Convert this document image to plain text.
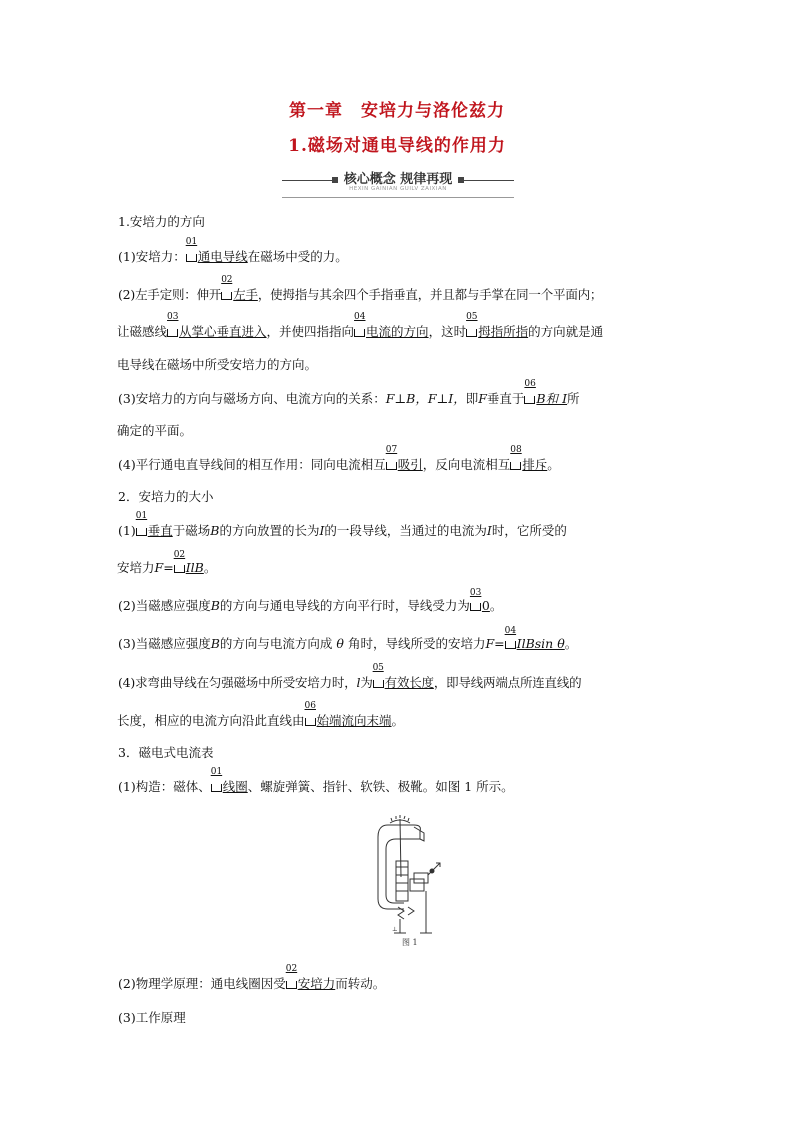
第一章　安培力与洛伦兹力
1.磁场对通电导线的作用力
核心概念 规律再现
HEXIN GAINIAN GUILV ZAIXIAN
1.安培力的方向
(1)安培力：
01
通电导线在磁场中受的力。
(2)左手定则：伸开
02
左手，使拇指与其余四个手指垂直，并且都与手掌在同一个平面内；
让磁感线
03
从掌心垂直进入，并使四指指向
04
电流的方向，这时
05
拇指所指的方向就是通
电导线在磁场中所受安培力的方向。
(3)安培力的方向与磁场方向、电流方向的关系：F⊥B，F⊥I，即F垂直于
06
B和 I所
确定的平面。
(4)平行通电直导线间的相互作用：同向电流相互
07
吸引，反向电流相互
08
排斥。
2．安培力的大小
(1)
01
垂直于磁场B的方向放置的长为I的一段导线，当通过的电流为I时，它所受的
安培力F=
02
IlB。
(2)当磁感应强度B的方向与通电导线的方向平行时，导线受力为
03
0。
(3)当磁感应强度B的方向与电流方向成 θ 角时，导线所受的安培力F=
04
IlBsin θ。
(4)求弯曲导线在匀强磁场中所受安培力时，l为
05
有效长度，即导线两端点所连直线的
长度，相应的电流方向沿此直线由
06
始端流向末端。
3．磁电式电流表
(1)构造：磁体、
01
线圈、螺旋弹簧、指针、软铁、极靴。如图 1 所示。
⊥
图 1
(2)物理学原理：通电线圈因受
02
安培力而转动。
(3)工作原理
